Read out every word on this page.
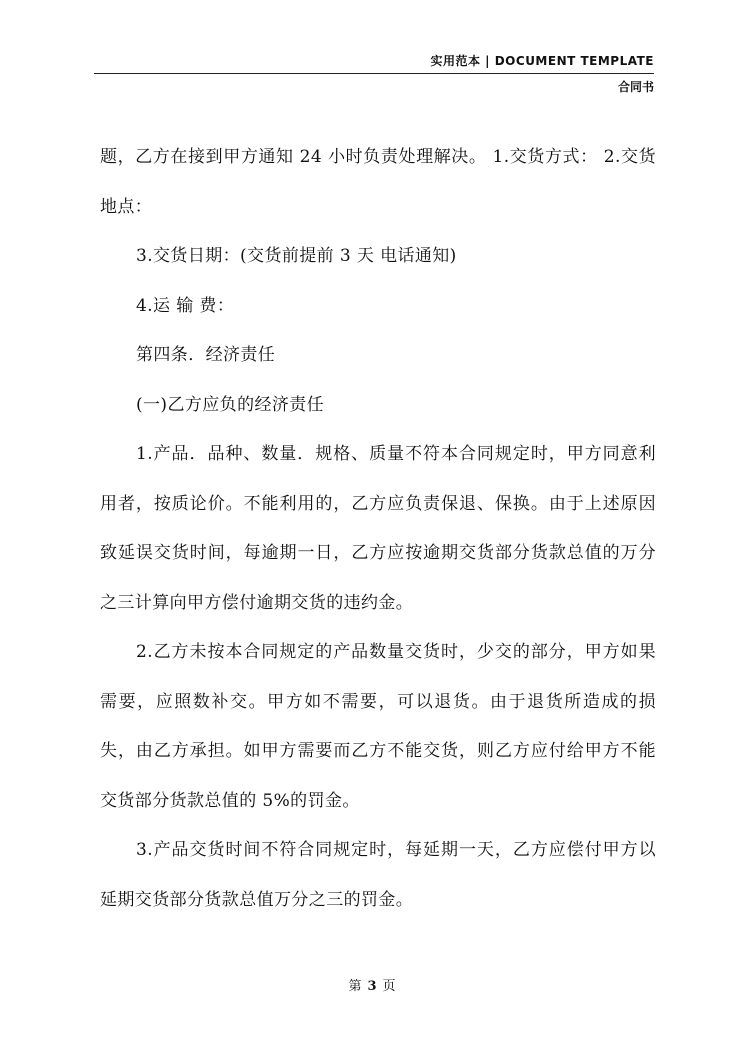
实用范本 | DOCUMENT TEMPLATE
合同书

题，乙方在接到甲方通知 24 小时负责处理解决。 1.交货方式： 2.交货地点：

3.交货日期：(交货前提前 3 天 电话通知)

4.运 输 费：

第四条．经济责任

(一)乙方应负的经济责任

1.产品．品种、数量．规格、质量不符本合同规定时，甲方同意利用者，按质论价。不能利用的，乙方应负责保退、保换。由于上述原因致延误交货时间，每逾期一日，乙方应按逾期交货部分货款总值的万分之三计算向甲方偿付逾期交货的违约金。

2.乙方未按本合同规定的产品数量交货时，少交的部分，甲方如果需要，应照数补交。甲方如不需要，可以退货。由于退货所造成的损失，由乙方承担。如甲方需要而乙方不能交货，则乙方应付给甲方不能交货部分货款总值的 5%的罚金。

3.产品交货时间不符合同规定时，每延期一天，乙方应偿付甲方以延期交货部分货款总值万分之三的罚金。

第 3 页
